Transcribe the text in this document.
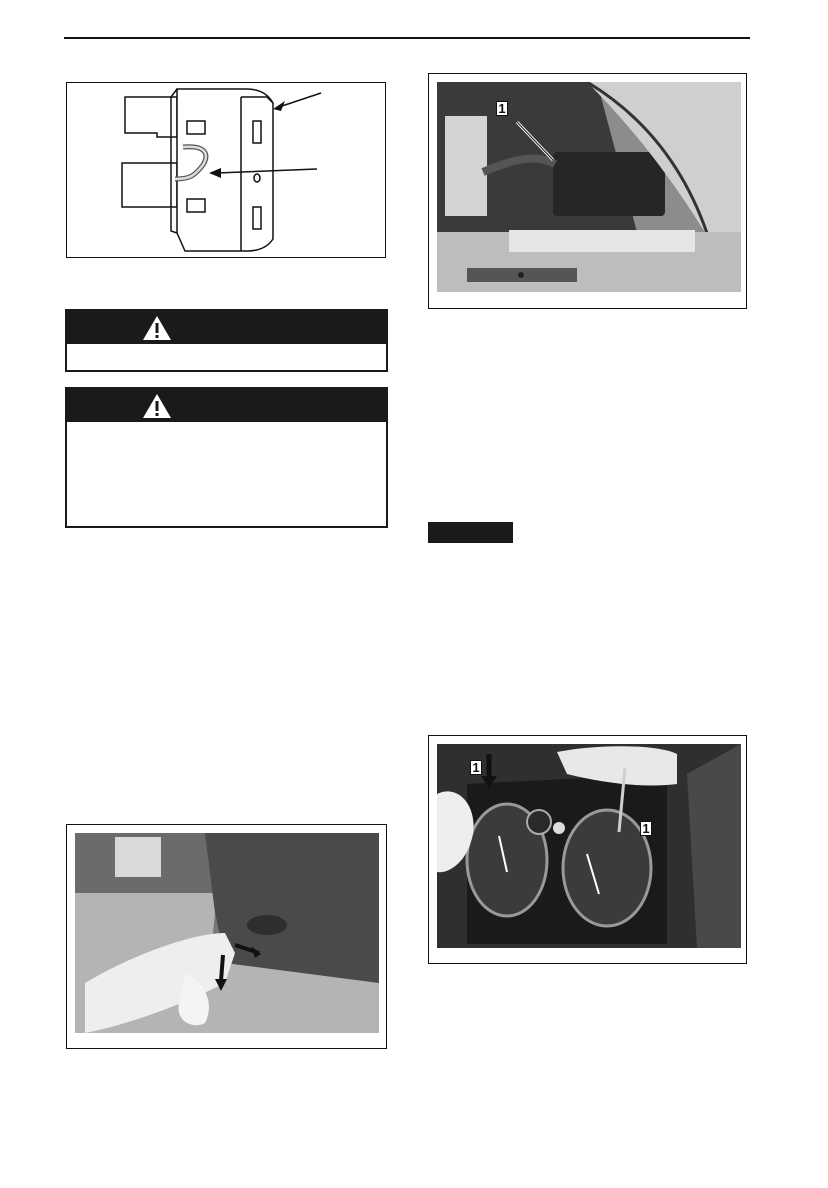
1
1
1
